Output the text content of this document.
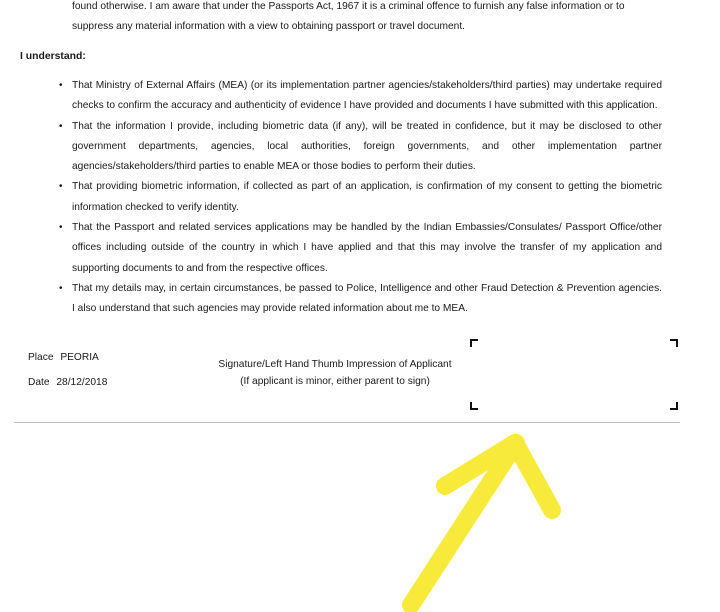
found otherwise. I am aware that under the Passports Act, 1967 it is a criminal offence to furnish any false information or to

suppress any material information with a view to obtaining passport or travel document.

I understand:
• That Ministry of External Affairs (MEA) (or its implementation partner agencies/stakeholders/third parties) may undertake required checks to confirm the accuracy and authenticity of evidence I have provided and documents I have submitted with this application.
• That the information I provide, including biometric data (if any), will be treated in confidence, but it may be disclosed to other government departments, agencies, local authorities, foreign governments, and other implementation partner agencies/stakeholders/third parties to enable MEA or those bodies to perform their duties.
• That providing biometric information, if collected as part of an application, is confirmation of my consent to getting the biometric information checked to verify identity.
• That the Passport and related services applications may be handled by the Indian Embassies/Consulates/ Passport Office/other offices including outside of the country in which I have applied and that this may involve the transfer of my application and supporting documents to and from the respective offices.
• That my details may, in certain circumstances, be passed to Police, Intelligence and other Fraud Detection & Prevention agencies. I also understand that such agencies may provide related information about me to MEA.
Place PEORIA
Date 28/12/2018
Signature/Left Hand Thumb Impression of Applicant
(If applicant is minor, either parent to sign)
